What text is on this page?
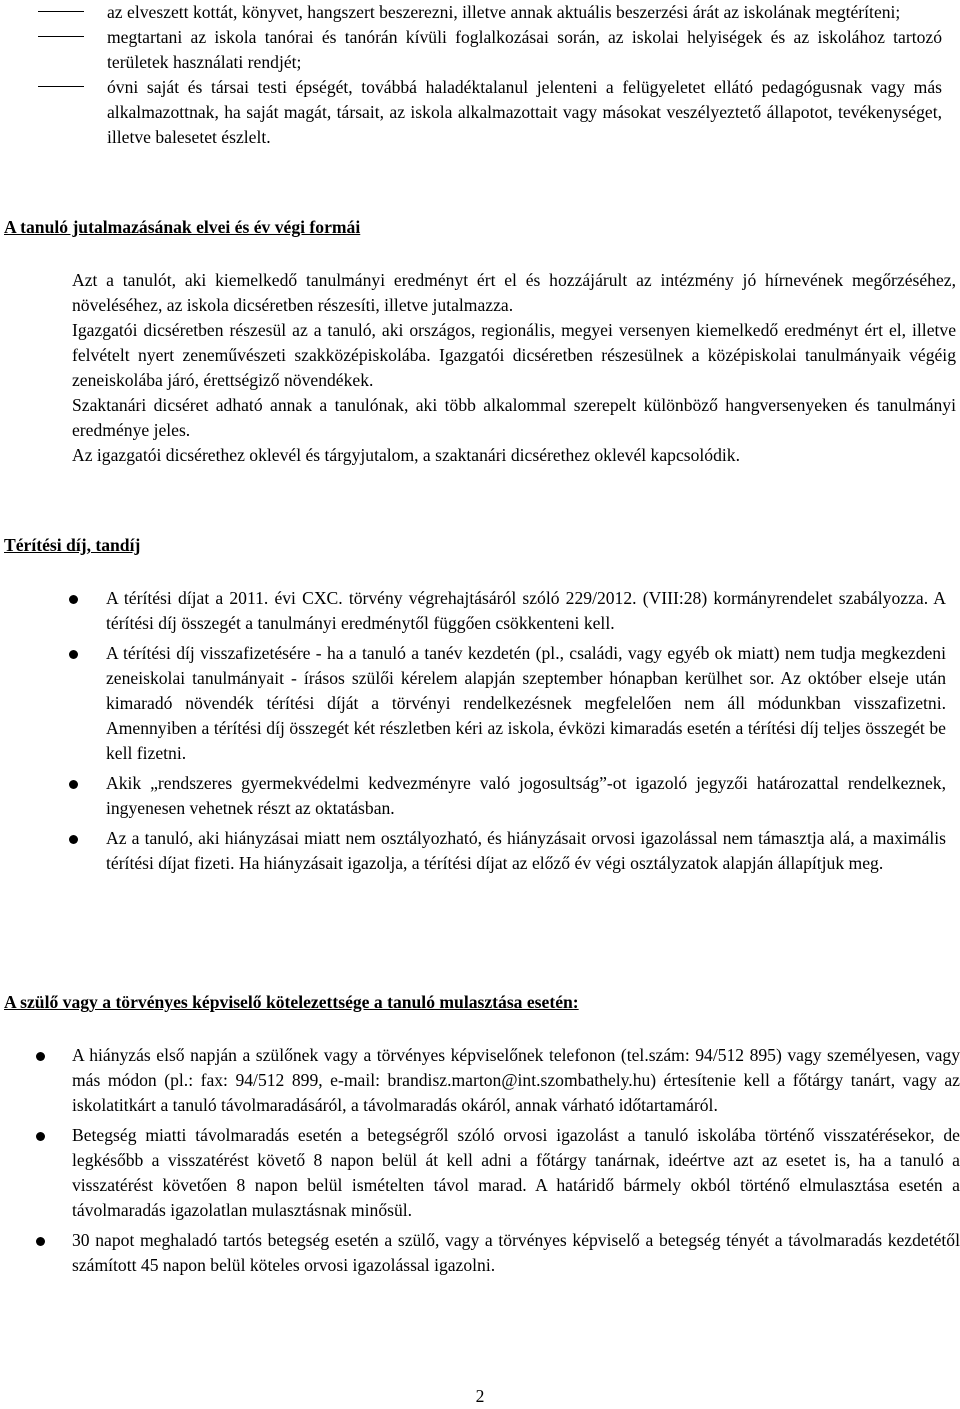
az elveszett kottát, könyvet, hangszert beszerezni, illetve annak aktuális beszerzési árát az iskolának megtéríteni;
megtartani az iskola tanórai és tanórán kívüli foglalkozásai során, az iskolai helyiségek és az iskolához tartozó területek használati rendjét;
óvni saját és társai testi épségét, továbbá haladéktalanul jelenteni a felügyeletet ellátó pedagógusnak vagy más alkalmazottnak, ha saját magát, társait, az iskola alkalmazottait vagy másokat veszélyeztető állapotot, tevékenységet, illetve balesetet észlelt.
A tanuló jutalmazásának elvei és év végi formái

Azt a tanulót, aki kiemelkedő tanulmányi eredményt ért el és hozzájárult az intézmény jó hírnevének megőrzéséhez, növeléséhez, az iskola dicséretben részesíti, illetve jutalmazza.

Igazgatói dicséretben részesül az a tanuló, aki országos, regionális, megyei versenyen kiemelkedő eredményt ért el, illetve felvételt nyert zeneművészeti szakközépiskolába. Igazgatói dicséretben részesülnek a középiskolai tanulmányaik végéig zeneiskolába járó, érettségiző növendékek.

Szaktanári dicséret adható annak a tanulónak, aki több alkalommal szerepelt különböző hangversenyeken és tanulmányi eredménye jeles.

Az igazgatói dicsérethez oklevél és tárgyjutalom, a szaktanári dicsérethez oklevél kapcsolódik.

Térítési díj, tandíj
A térítési díjat a 2011. évi CXC. törvény végrehajtásáról szóló 229/2012. (VIII:28) kormányrendelet szabályozza. A térítési díj összegét a tanulmányi eredménytől függően csökkenteni kell.
A térítési díj visszafizetésére - ha a tanuló a tanév kezdetén (pl., családi, vagy egyéb ok miatt) nem tudja megkezdeni zeneiskolai tanulmányait - írásos szülői kérelem alapján szeptember hónapban kerülhet sor. Az október elseje után kimaradó növendék térítési díját a törvényi rendelkezésnek megfelelően nem áll módunkban visszafizetni. Amennyiben a térítési díj összegét két részletben kéri az iskola, évközi kimaradás esetén a térítési díj teljes összegét be kell fizetni.
Akik „rendszeres gyermekvédelmi kedvezményre való jogosultság”-ot igazoló jegyzői határozattal rendelkeznek, ingyenesen vehetnek részt az oktatásban.
Az a tanuló, aki hiányzásai miatt nem osztályozható, és hiányzásait orvosi igazolással nem támasztja alá, a maximális térítési díjat fizeti. Ha hiányzásait igazolja, a térítési díjat az előző év végi osztályzatok alapján állapítjuk meg.
A szülő vagy a törvényes képviselő kötelezettsége a tanuló mulasztása esetén:
A hiányzás első napján a szülőnek vagy a törvényes képviselőnek telefonon (tel.szám: 94/512 895) vagy személyesen, vagy más módon (pl.: fax: 94/512 899, e-mail: brandisz.marton@int.szombathely.hu) értesítenie kell a főtárgy tanárt, vagy az iskolatitkárt a tanuló távolmaradásáról, a távolmaradás okáról, annak várható időtartamáról.
Betegség miatti távolmaradás esetén a betegségről szóló orvosi igazolást a tanuló iskolába történő visszatérésekor, de legkésőbb a visszatérést követő 8 napon belül át kell adni a főtárgy tanárnak, ideértve azt az esetet is, ha a tanuló a visszatérést követően 8 napon belül ismételten távol marad. A határidő bármely okból történő elmulasztása esetén a távolmaradás igazolatlan mulasztásnak minősül.
30 napot meghaladó tartós betegség esetén a szülő, vagy a törvényes képviselő a betegség tényét a távolmaradás kezdetétől számított 45 napon belül köteles orvosi igazolással igazolni.
2
